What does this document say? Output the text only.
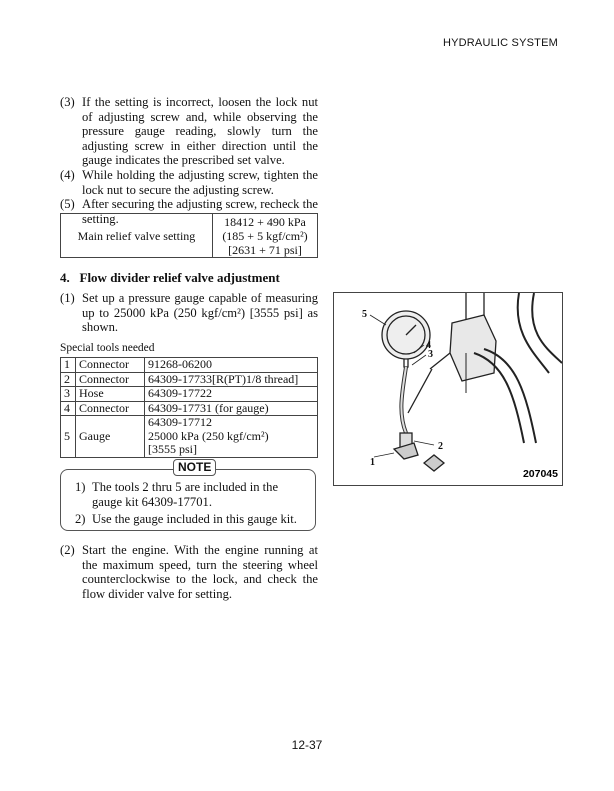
HYDRAULIC SYSTEM
(3) If the setting is incorrect, loosen the lock nut of adjusting screw and, while observing the pressure gauge reading, slowly turn the adjusting screw in either direction until the gauge indicates the prescribed set valve.
(4) While holding the adjusting screw, tighten the lock nut to secure the adjusting screw.
(5) After securing the adjusting screw, recheck the setting.
Main relief valve setting	
18412 + 490 kPa
(185 + 5 kgf/cm²)
[2631 + 71 psi]
4.   Flow divider relief valve adjustment
(1) Set up a pressure gauge capable of measuring up to 25000 kPa (250 kgf/cm²) [3555 psi] as shown.
Special tools needed
1	Connector	91268-06200
2	Connector	64309-17733[R(PT)1/8 thread]
3	Hose	64309-17722
4	Connector	64309-17731 (for gauge)
5	Gauge	64309-17712
25000 kPa (250 kgf/cm²)
[3555 psi]
1) The tools 2 thru 5 are included in the gauge kit 64309-17701.
2) Use the gauge included in this gauge kit.
NOTE
(2) Start the engine. With the engine running at the maximum speed, turn the steering wheel counterclockwise to the lock, and check the flow divider valve for setting.
5
4
3
2
1
207045
12-37
